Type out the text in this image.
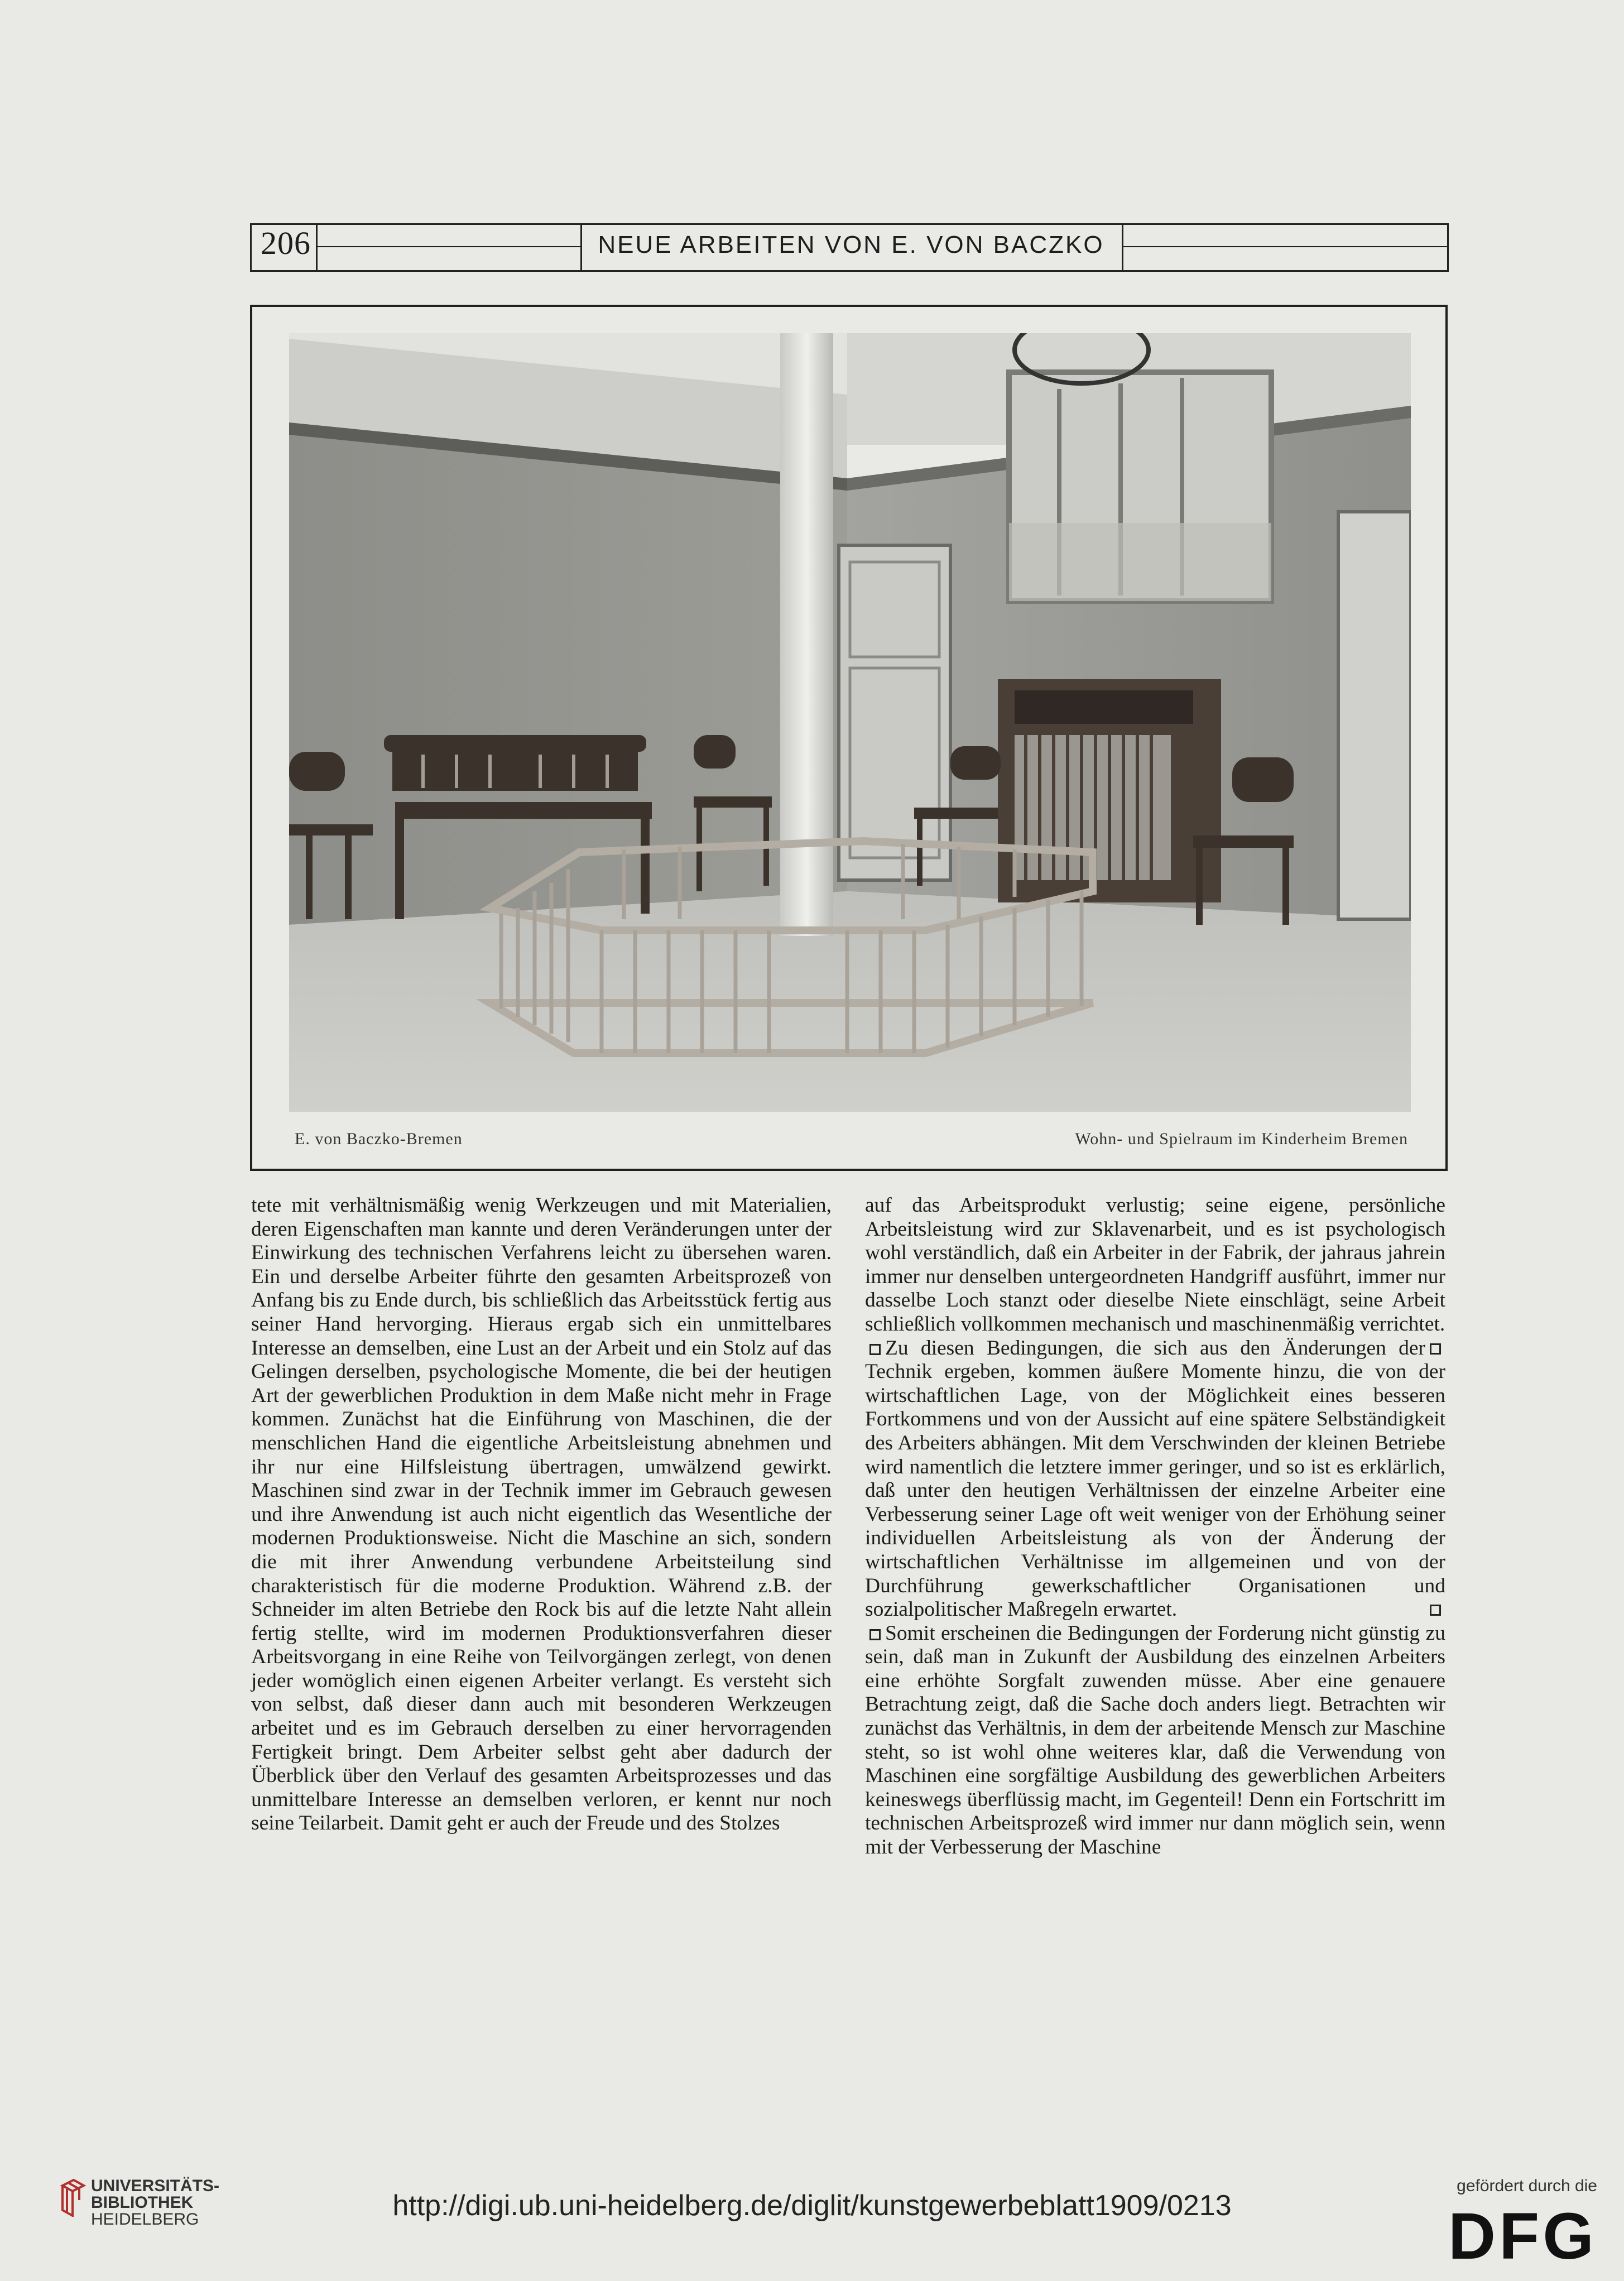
206	NEUE ARBEITEN VON E. VON BACZKO
E. von Baczko-Bremen	Wohn- und Spielraum im Kinderheim Bremen

tete mit verhältnismäßig wenig Werkzeugen und mit Materialien, deren Eigenschaften man kannte und deren Veränderungen unter der Einwirkung des technischen Verfahrens leicht zu übersehen waren. Ein und derselbe Arbeiter führte den gesamten Arbeitsprozeß von Anfang bis zu Ende durch, bis schließlich das Arbeitsstück fertig aus seiner Hand hervorging. Hieraus ergab sich ein unmittelbares Interesse an demselben, eine Lust an der Arbeit und ein Stolz auf das Gelingen derselben, psychologische Momente, die bei der heutigen Art der gewerblichen Produktion in dem Maße nicht mehr in Frage kommen. Zunächst hat die Einführung von Maschinen, die der menschlichen Hand die eigentliche Arbeitsleistung abnehmen und ihr nur eine Hilfsleistung übertragen, umwälzend gewirkt. Maschinen sind zwar in der Technik immer im Gebrauch gewesen und ihre Anwendung ist auch nicht eigentlich das Wesentliche der modernen Produktionsweise. Nicht die Maschine an sich, sondern die mit ihrer Anwendung verbundene Arbeitsteilung sind charakteristisch für die moderne Produktion. Während z.B. der Schneider im alten Betriebe den Rock bis auf die letzte Naht allein fertig stellte, wird im modernen Produktionsverfahren dieser Arbeitsvorgang in eine Reihe von Teilvorgängen zerlegt, von denen jeder womöglich einen eigenen Arbeiter verlangt. Es versteht sich von selbst, daß dieser dann auch mit besonderen Werkzeugen arbeitet und es im Gebrauch derselben zu einer hervorragenden Fertigkeit bringt. Dem Arbeiter selbst geht aber dadurch der Überblick über den Verlauf des gesamten Arbeitsprozesses und das unmittelbare Interesse an demselben verloren, er kennt nur noch seine Teilarbeit. Damit geht er auch der Freude und des Stolzes

auf das Arbeitsprodukt verlustig; seine eigene, persönliche Arbeitsleistung wird zur Sklavenarbeit, und es ist psychologisch wohl verständlich, daß ein Arbeiter in der Fabrik, der jahraus jahrein immer nur denselben untergeordneten Handgriff ausführt, immer nur dasselbe Loch stanzt oder dieselbe Niete einschlägt, seine Arbeit schließlich vollkommen mechanisch und maschinenmäßig verrichtet.

Zu diesen Bedingungen, die sich aus den Änderungen der Technik ergeben, kommen äußere Momente hinzu, die von der wirtschaftlichen Lage, von der Möglichkeit eines besseren Fortkommens und von der Aussicht auf eine spätere Selbständigkeit des Arbeiters abhängen. Mit dem Verschwinden der kleinen Betriebe wird namentlich die letztere immer geringer, und so ist es erklärlich, daß unter den heutigen Verhältnissen der einzelne Arbeiter eine Verbesserung seiner Lage oft weit weniger von der Erhöhung seiner individuellen Arbeitsleistung als von der Änderung der wirtschaftlichen Verhältnisse im allgemeinen und von der Durchführung gewerkschaftlicher Organisationen und sozialpolitischer Maßregeln erwartet.

Somit erscheinen die Bedingungen der Forderung nicht günstig zu sein, daß man in Zukunft der Ausbildung des einzelnen Arbeiters eine erhöhte Sorgfalt zuwenden müsse. Aber eine genauere Betrachtung zeigt, daß die Sache doch anders liegt. Betrachten wir zunächst das Verhältnis, in dem der arbeitende Mensch zur Maschine steht, so ist wohl ohne weiteres klar, daß die Verwendung von Maschinen eine sorgfältige Ausbildung des gewerblichen Arbeiters keineswegs überflüssig macht, im Gegenteil! Denn ein Fortschritt im technischen Arbeitsprozeß wird immer nur dann möglich sein, wenn mit der Verbesserung der Maschine

UNIVERSITÄTS-
BIBLIOTHEK
HEIDELBERG	http://digi.ub.uni-heidelberg.de/diglit/kunstgewerbeblatt1909/0213
gefördert durch die
DFG
